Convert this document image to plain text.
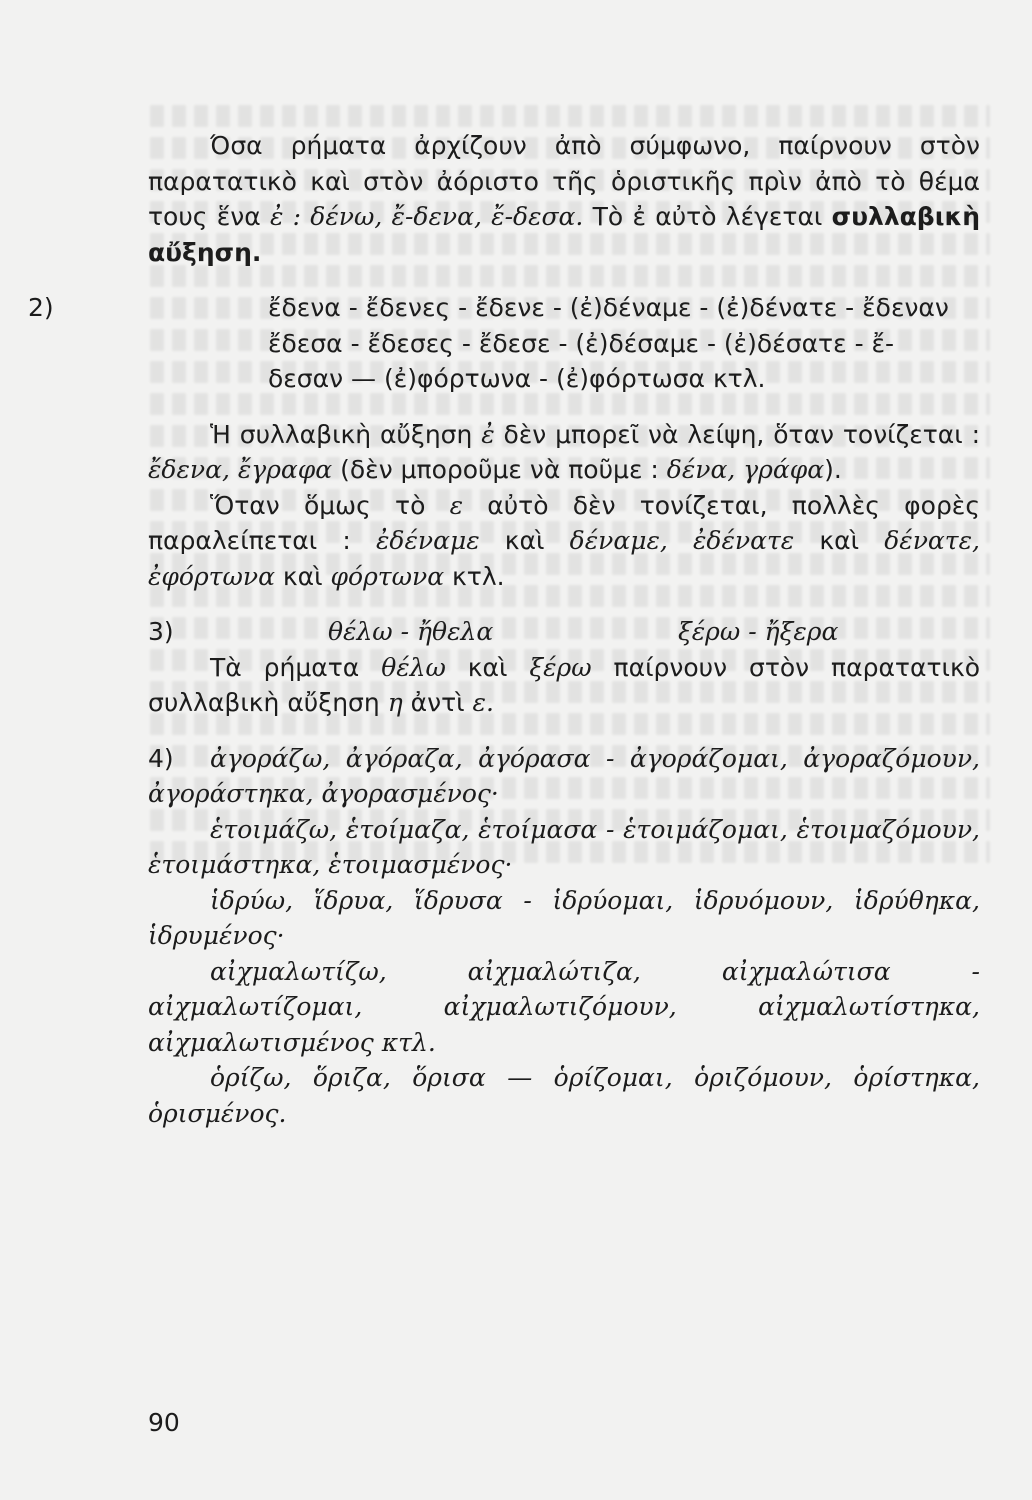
Όσα ρήματα ἀρχίζουν ἀπὸ σύμφωνο, παίρνουν στὸν παρατατικὸ καὶ στὸν ἀόριστο τῆς ὁριστικῆς πρὶν ἀπὸ τὸ θέμα τους ἕνα ἐ : δένω, ἔ-δενα, ἔ-δεσα. Τὸ ἐ αὐτὸ λέγεται συλλαβικὴ αὔξηση.

2)	ἔδενα - ἔδενες - ἔδενε - (ἐ)δέναμε - (ἐ)δένατε - ἔδεναν
ἔδεσα - ἔδεσες - ἔδεσε - (ἐ)δέσαμε - (ἐ)δέσατε - ἔ-
δεσαν — (ἐ)φόρτωνα - (ἐ)φόρτωσα κτλ.

Ἡ συλλαβικὴ αὔξηση ἐ δὲν μπορεῖ νὰ λείψη, ὅταν τονίζεται : ἔδενα, ἔγραφα (δὲν μποροῦμε νὰ ποῦμε : δένα, γράφα).

Ὅταν ὅμως τὸ ε αὐτὸ δὲν τονίζεται, πολλὲς φορὲς παραλείπεται : ἐδέναμε καὶ δέναμε, ἐδένατε καὶ δένατε, ἐφόρτωνα καὶ φόρτωνα κτλ.

3)	θέλω - ἤθελα	ξέρω - ἤξερα

Τὰ ρήματα θέλω καὶ ξέρω παίρνουν στὸν παρατατικὸ συλλαβικὴ αὔξηση η ἀντὶ ε.

4) ἀγοράζω, ἀγόραζα, ἀγόρασα - ἀγοράζομαι, ἀγοραζόμουν, ἀγοράστηκα, ἀγορασμένος·

ἑτοιμάζω, ἑτοίμαζα, ἑτοίμασα - ἑτοιμάζομαι, ἑτοιμαζόμουν, ἑτοιμάστηκα, ἑτοιμασμένος·

ἱδρύω, ἵδρυα, ἵδρυσα - ἱδρύομαι, ἱδρυόμουν, ἱδρύθηκα, ἱδρυμένος·

αἰχμαλωτίζω, αἰχμαλώτιζα, αἰχμαλώτισα - αἰχμαλωτίζομαι, αἰχμαλωτιζόμουν, αἰχμαλωτίστηκα, αἰχμαλωτισμένος κτλ.

ὁρίζω, ὅριζα, ὅρισα — ὁρίζομαι, ὁριζόμουν, ὁρίστηκα, ὁρισμένος.

90
